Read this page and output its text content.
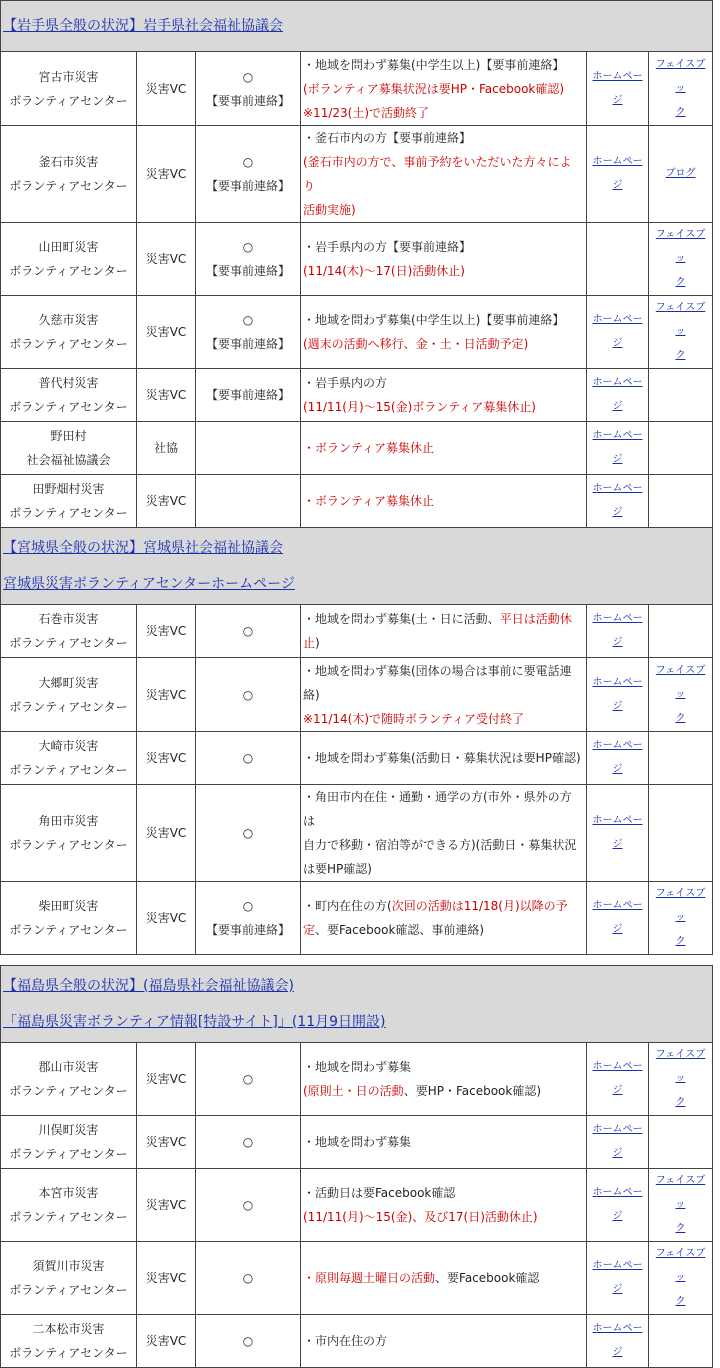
【岩手県全般の状況】岩手県社会福祉協議会					
宮古市災害
ボランティアセンター	災害VC	○
【要事前連絡】	・地域を問わず募集(中学生以上)【要事前連絡】
(ボランティア募集状況は要HP・Facebook確認)
※11/23(土)で活動終了	ホームペー
ジ	フェイスブッ
ク
釜石市災害
ボランティアセンター	災害VC	○
【要事前連絡】	・釜石市内の方【要事前連絡】
(釜石市内の方で、事前予約をいただいた方々により
活動実施)	ホームペー
ジ	ブログ
山田町災害
ボランティアセンター	災害VC	○
【要事前連絡】	・岩手県内の方【要事前連絡】
(11/14(木)〜17(日)活動休止)		フェイスブッ
ク
久慈市災害
ボランティアセンター	災害VC	○
【要事前連絡】	・地域を問わず募集(中学生以上)【要事前連絡】
(週末の活動へ移行、金・土・日活動予定)	ホームペー
ジ	フェイスブッ
ク
普代村災害
ボランティアセンター	災害VC	【要事前連絡】	・岩手県内の方
(11/11(月)〜15(金)ボランティア募集休止)	ホームペー
ジ	
野田村
社会福祉協議会	社協		・ボランティア募集休止	ホームペー
ジ	
田野畑村災害
ボランティアセンター	災害VC		・ボランティア募集休止	ホームペー
ジ	
【宮城県全般の状況】宮城県社会福祉協議会
宮城県災害ボランティアセンターホームページ					
石巻市災害
ボランティアセンター	災害VC	○	・地域を問わず募集(土・日に活動、平日は活動休
止)	ホームペー
ジ	
大郷町災害
ボランティアセンター	災害VC	○	・地域を問わず募集(団体の場合は事前に要電話連
絡)
※11/14(木)で随時ボランティア受付終了	ホームペー
ジ	フェイスブッ
ク
大崎市災害
ボランティアセンター	災害VC	○	・地域を問わず募集(活動日・募集状況は要HP確認)	ホームペー
ジ	
角田市災害
ボランティアセンター	災害VC	○	・角田市内在住・通勤・通学の方(市外・県外の方は
自力で移動・宿泊等ができる方)(活動日・募集状況
は要HP確認)	ホームペー
ジ	
柴田町災害
ボランティアセンター	災害VC	○
【要事前連絡】	・町内在住の方(次回の活動は11/18(月)以降の予
定、要Facebook確認、事前連絡)	ホームペー
ジ	フェイスブッ
ク

【福島県全般の状況】(福島県社会福祉協議会)
「福島県災害ボランティア情報[特設サイト]」(11月9日開設)					
郡山市災害
ボランティアセンター	災害VC	○	・地域を問わず募集
(原則土・日の活動、要HP・Facebook確認)	ホームペー
ジ	フェイスブッ
ク
川俣町災害
ボランティアセンター	災害VC	○	・地域を問わず募集	ホームペー
ジ	
本宮市災害
ボランティアセンター	災害VC	○	・活動日は要Facebook確認
(11/11(月)〜15(金)、及び17(日)活動休止)	ホームペー
ジ	フェイスブッ
ク
須賀川市災害
ボランティアセンター	災害VC	○	・原則毎週土曜日の活動、要Facebook確認	ホームペー
ジ	フェイスブッ
ク
二本松市災害
ボランティアセンター	災害VC	○	・市内在住の方	ホームペー
ジ	
